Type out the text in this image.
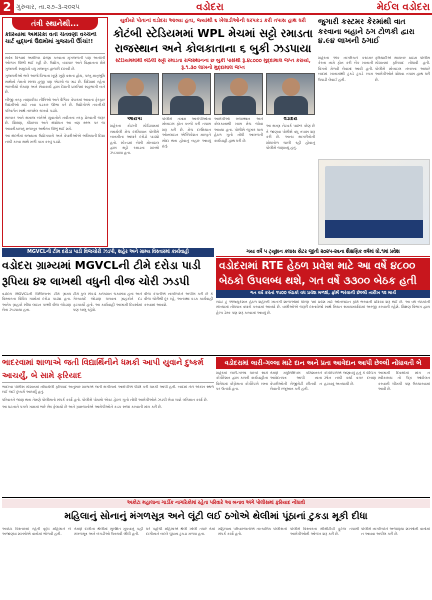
2 ગુરુવાર, તા.૨૭-૩-૨૦૨૫	વડોદરા	મેઈલ વડોદરા
તંત્રી સ્થાનેથી...
કોરિયામાં અમેરિકા વતી ચેતવણી વચ્ચેની ચાર્ટ યુદ્ધનાં ઉદ્યમોમાં ગુજરાતી ઊંચાં!!

સર્વત્ર વિશ્વમાં અમેરિકા પ્રેરણા કરવાના મૃગજળની પણ અનોખી ઓળખ ઊભી થઈ રહી છે. ઉદ્યોગ, વ્યાપાર અને વિજ્ઞાનના ક્ષેત્રે ગુજરાતી સમુદાયે વધુ મજબૂત હાજરી દાખવી છે.

ગુજરાતીઓ ભલે આજે વિશ્વના ખૂણે ખૂણે વસતા હોય, પરંતુ માતૃભૂમિ સાથેનો તેમનો સંબંધ હજી પણ એટલો જ ગાઢ છે. વિદેશમાં રહેતા ભારતીયો રોકાણ અને સેવાકાર્ય દ્વારા દેશની પ્રગતિમાં સહભાગી બને છે.

બીજી તરફ નાણાકીય નીતિઓ અને વૈશ્વિક વેપારમાં આવતા ફેરફાર ઉદ્યમીઓ માટે નવા પડકાર ઊભા કરે છે. ઉદ્યોગોએ તકનીકી પરિવર્તન સાથે તાલમેલ રાખવો પડશે.

સરકાર અને સમાજ બંનેએ યુવાનોને નવીનતા તરફ પ્રેરવાની જરૂર છે. શિક્ષણ, કૌશલ્ય અને સંશોધન આ ત્રણ સ્તંભ પર જ આવતીકાલનું મજબૂત અર્થતંત્ર ઊભું થઈ શકે.

આ સંદર્ભમાં રાજ્યના ઉદ્યોગકારો અને વેપારીઓએ ભવિષ્યની દિશા નક્કી કરવા સાથે મળી કામ કરવું પડશે.

યુવીયો પોતાનાં વડોદરા આવ્યા હતા, જ્યાંથી ૬ ખેલાડીઓની ધરપકડ કરી તપાસ હાથ ધરી
કોટંબી સ્ટેડિયમમાં WPL મેચમાં સટ્ટો રમાડતા રાજસ્થાન અને કોલકાતાના ૬ બુકી ઝડપાયા
સ્ટેડિયમમાંથી બેઠેલી સટ્ટો રમાડતા રાજસ્થાનના છ બુકી પાસેથી રૂ.૪૮૦૦૦ મુદ્દામાલ જપ્ત કરાયો, રૂ.૧.૩૦ લાખનો મુદ્દામાલ જપ્ત
આરોપી

શહેરના કોટંબી સ્ટેડિયમમાં રમાયેલી મેચ દરમિયાન પોલીસે બાતમીના આધારે દરોડો પાડ્યો હતો. સ્ટેન્ડમાં બેસી મોબાઇલ દ્વારા સટ્ટો રમાડતા શખ્સો ઝડપાયા હતા.

પોલીસે તમામ આરોપીઓના મોબાઇલ ફોન કબ્જે કરી તપાસ શરૂ કરી છે. મેચ દરમિયાન ઓનલાઇન એપ્લિકેશન મારફતે સોદા થતા હોવાનું બહાર આવ્યું હતું.

આરોપીઓ રાજસ્થાન અને કોલકાતાથી ખાસ મેચ જોવા આવ્યા હતા. પોલીસે જુગાર ધારા હેઠળ ગુનો નોંધી આગળની કાર્યવાહી હાથ ધરી છે.

વડોદરા

આ સમગ્ર નેટવર્ક પાછળ કોણ છે તે જાણવા પોલીસે વધુ તપાસ શરૂ કરી છે. અન્ય સાગરીતોની શોધખોળ ચાલી રહી હોવાનું પોલીસે જણાવ્યું હતું.

જુગારી કસ્ટમર કેરમાંથી વાત કરવાના બહાને ઠગ ટોળકી દ્વારા ૪.૯૪ લાખની ઠગાઈ

શહેરના એક નાગરિકને કસ્ટમર કેરના નામે ફોન કરી બેંક ખાતાની વિગતો મેળવી લેવામાં આવી હતી. બાદમાં ખાતામાંથી ટુકડે ટુકડે રકમ ઉપાડી લેવાઈ હતી.

ફરિયાદીએ સાયબર ક્રાઇમ પોલીસ સ્ટેશનમાં ફરિયાદ નોંધાવી હતી. પોલીસે મોબાઇલ નંબરના આધારે આરોપીઓને શોધવા તપાસ હાથ ધરી છે.

MGVCLની ટીમ દરોડા પાડી વિજચોરી ઝડપી, શહેર અને ગ્રામ્ય વિસ્તારમાં કાર્યવાહી
વડોદરા ગ્રામ્યમાં MGVCLની ટીમે દરોડા પાડી રૂપિયા ૪૨ લાખથી વધુની વીજ ચોરી ઝડપી

વડોદરા MGVCLની વિજિલન્સ ટીમે ગ્રામ્ય વિસ્તારના વિવિધ ગામોમાં દરોડા પાડ્યા હતા. અનેક ગ્રાહકો સીધા લાઇન પરથી વીજ જોડાણ લેતા ઝડપાયા હતા.

ટીમે કુલ સેંકડો કનેક્શન ચકાસ્યા હતા અને ગેરકાયદે જોડાણ ધરાવતા ગ્રાહકોને દંડ ફટકાર્યો હતો. આ કાર્યવાહી આગામી દિવસોમાં પણ ચાલુ રહેશે.

વીજ કંપનીએ નાગરિકોને અપીલ કરી છે કે વીજ ચોરીથી દૂર રહે, અન્યથા કડક કાર્યવાહી કરવામાં આવશે.

ગયા વર્ષે ૫ ટ્યૂશન ક્લાસ સેટર જીતી ૨૦૨૫-૨૬ના શૈક્ષણિક વર્ષમાં ધો.૧માં પ્રવેશ
વડોદરામાં RTE હેઠળ પ્રવેશ માટે આ વર્ષે ૪૮૦૦ બેઠકો ઉપલબ્ધ થશે, ગત વર્ષે ૩૩૦૦ બેઠક હતી
ગત વર્ષે કરતાં ૧૫૦૦ બેઠકો વધ પ્રવેશ મળશે, ફોર્મ ભરવાની છેલ્લી તારીખ ૧૨ માર્ચ
રાઇટ ટુ એજ્યુકેશન હેઠળ શહેરની ખાનગી શાળાઓમાં ધોરણ ૧માં પ્રવેશ માટે ઓનલાઇન ફોર્મ ભરવાની પ્રક્રિયા શરૂ થઈ છે. આ વર્ષે બેઠકોની સંખ્યામાં નોંધપાત્ર વધારો કરવામાં આવ્યો છે. વાલીઓએ જરૂરી દસ્તાવેજો સાથે નિયત સમયમર્યાદામાં અરજી કરવાની રહેશે. શિક્ષણ વિભાગ દ્વારા હેલ્પ ડેસ્ક પણ શરૂ કરવામાં આવ્યું છે.
ભાદરવામાં શાળાએ જતી વિદ્યાર્થિનીને ધમકી આપી યુવાને દુષ્કર્મ આચર્યું, બે સામે ફરિયાદ

ભાદરવા પોલીસ સ્ટેશનમાં નોંધાયેલી ફરિયાદ અનુસાર શાળાએ જતી સગીરાનો આરોપીએ પીછો કરી ધમકી આપી હતી. બાદમાં તેને એકાંત સ્થળે લઈ જઈ દુષ્કર્મ આચર્યું હતું.

પરિવારને જાણ થતા તેમણે પોલીસનો સંપર્ક કર્યો હતો. પોલીસે પોક્સો એક્ટ હેઠળ ગુનો નોંધી આરોપીઓને ઝડપી લેવા ચક્રો ગતિમાન કર્યા છે.

આ ઘટનાને પગલે ગામમાં ભારે રોષ ફેલાયો છે અને ગ્રામજનોએ આરોપીઓને કડક સજા કરવાની માંગ કરી છે.

વડોદરામાં લારી-ગલ્લા માટે દાન અને પ્રતા આવેદાન આપી છેલ્લી નોંધાવતી બે

શહેરમાં લારી-ગલ્લા ધારકો સામે કોર્પોરેશન દ્વારા કરાતી કાર્યવાહીના વિરોધમાં કોંગ્રેસના કોર્પોરેટરો રસ્તા પર ઉતર્યા હતા.

તેમણે મ્યુનિસિપલ કમિશનરને આવેદનપત્ર આપી નાના વેપારીઓની રોજીરોટી છીનવી ન લેવાની રજૂઆત કરી હતી.

કોર્પોરેટરોએ જણાવ્યું હતું કે વેન્ડિંગ ઝોન નક્કી કર્યા વગર દબાણ હટાવવું અન્યાયી છે.

આગામી દિવસોમાં માંગ ન સ્વીકારાય તો ઉગ્ર આંદોલન કરવાની ચીમકી પણ ઉચ્ચારવામાં આવી છે.

અકોટા મહાલાના ગાર્ડીક નાગરિકોમાં રહેતા પરિવારે આ બનાવ અંગે પોલીસમાં ફરિયાદ નોંધાવી
મહિલાનું સોનાનું મંગળસૂત્ર અને લૂંટી લઈ ઠગોએ થેલીમાં પૂંઠાનાં ટુકડા મૂકી દીધા

અકોટા વિસ્તારમાં રહેતી વૃદ્ધ મહિલાને બે અજાણ્યા શખ્સોએ વાતોમાં ભોળવી હતી.

તેમણે દાગીના થેલીમાં સુરક્ષિત મૂકવાનું કહી મંગળસૂત્ર અને બંગડીઓ ઉતરાવી લીધી હતી.

ઘરે પહોંચી મહિલાએ થેલી ખોલી ત્યારે તેમાં દાગીનાને બદલે પૂંઠાના ટુકડા મળ્યા હતા.

મહિલાના પરિવારજનોએ તાત્કાલિક પોલીસનો સંપર્ક કર્યો હતો.

પોલીસે વિસ્તારના સીસીટીવી ફૂટેજ તપાસી આરોપીઓની ઓળખ શરૂ કરી છે.

પોલીસે નાગરિકોને અજાણ્યા શખ્સોની વાતોમાં ન આવવા અપીલ કરી છે.
